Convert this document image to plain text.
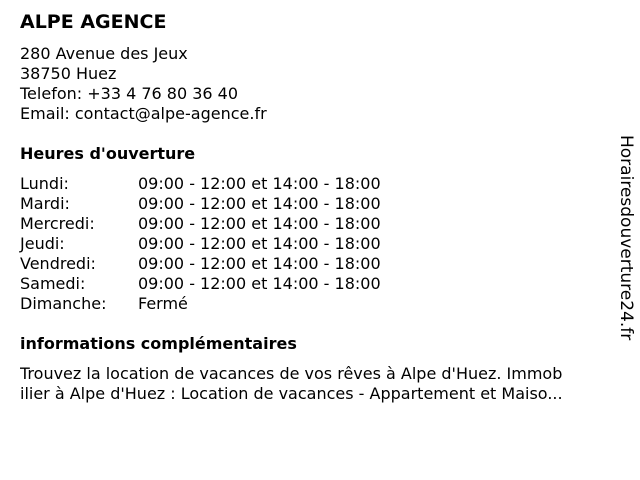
ALPE AGENCE
280 Avenue des Jeux
38750 Huez
Telefon: +33 4 76 80 36 40
Email: contact@alpe-agence.fr
Heures d'ouverture
Lundi:	09:00 - 12:00 et 14:00 - 18:00
Mardi:	09:00 - 12:00 et 14:00 - 18:00
Mercredi:	09:00 - 12:00 et 14:00 - 18:00
Jeudi:	09:00 - 12:00 et 14:00 - 18:00
Vendredi:	09:00 - 12:00 et 14:00 - 18:00
Samedi:	09:00 - 12:00 et 14:00 - 18:00
Dimanche:	Fermé
informations complémentaires
Trouvez la location de vacances de vos rêves à Alpe d'Huez. Immob
ilier à Alpe d'Huez : Location de vacances - Appartement et Maiso...
Horairesdouverture24.fr
